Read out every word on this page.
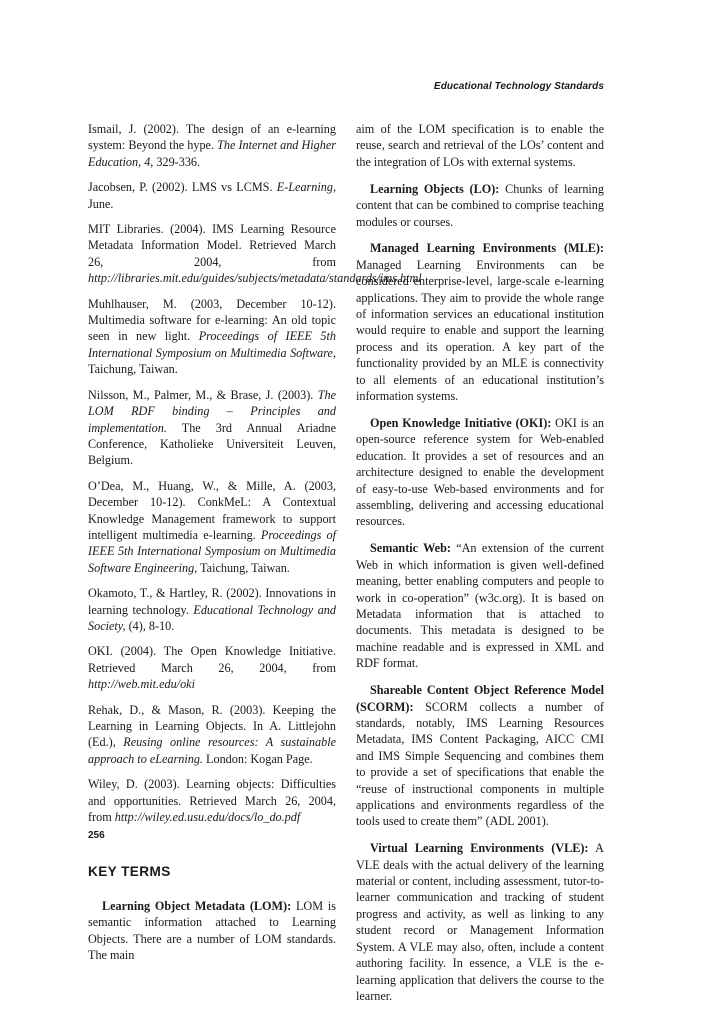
Educational Technology Standards

Ismail, J. (2002). The design of an e-learning system: Beyond the hype. The Internet and Higher Education, 4, 329-336.

Jacobsen, P. (2002). LMS vs LCMS. E-Learning, June.

MIT Libraries. (2004). IMS Learning Resource Metadata Information Model. Retrieved March 26, 2004, from http://libraries.mit.edu/guides/subjects/metadata/standards/ims.html

Muhlhauser, M. (2003, December 10-12). Multimedia software for e-learning: An old topic seen in new light. Proceedings of IEEE 5th International Symposium on Multimedia Software, Taichung, Taiwan.

Nilsson, M., Palmer, M., & Brase, J. (2003). The LOM RDF binding – Principles and implementation. The 3rd Annual Ariadne Conference, Katholieke Universiteit Leuven, Belgium.

O’Dea, M., Huang, W., & Mille, A. (2003, December 10-12). ConkMeL: A Contextual Knowledge Management framework to support intelligent multimedia e-learning. Proceedings of IEEE 5th International Symposium on Multimedia Software Engineering, Taichung, Taiwan.

Okamoto, T., & Hartley, R. (2002). Innovations in learning technology. Educational Technology and Society, (4), 8-10.

OKI. (2004). The Open Knowledge Initiative. Retrieved March 26, 2004, from http://web.mit.edu/oki

Rehak, D., & Mason, R. (2003). Keeping the Learning in Learning Objects. In A. Littlejohn (Ed.), Reusing online resources: A sustainable approach to eLearning. London: Kogan Page.

Wiley, D. (2003). Learning objects: Difficulties and opportunities. Retrieved March 26, 2004, from http://wiley.ed.usu.edu/docs/lo_do.pdf

KEY TERMS

Learning Object Metadata (LOM): LOM is semantic information attached to Learning Objects. There are a number of LOM standards. The main

aim of the LOM specification is to enable the reuse, search and retrieval of the LOs’ content and the integration of LOs with external systems.

Learning Objects (LO): Chunks of learning content that can be combined to comprise teaching modules or courses.

Managed Learning Environments (MLE): Managed Learning Environments can be considered enterprise-level, large-scale e-learning applications. They aim to provide the whole range of information services an educational institution would require to enable and support the learning process and its operation. A key part of the functionality provided by an MLE is connectivity to all elements of an educational institution’s information systems.

Open Knowledge Initiative (OKI): OKI is an open-source reference system for Web-enabled education. It provides a set of resources and an architecture designed to enable the development of easy-to-use Web-based environments and for assembling, delivering and accessing educational resources.

Semantic Web: “An extension of the current Web in which information is given well-defined meaning, better enabling computers and people to work in co-operation” (w3c.org). It is based on Metadata information that is attached to documents. This metadata is designed to be machine readable and is expressed in XML and RDF format.

Shareable Content Object Reference Model (SCORM): SCORM collects a number of standards, notably, IMS Learning Resources Metadata, IMS Content Packaging, AICC CMI and IMS Simple Sequencing and combines them to provide a set of specifications that enable the “reuse of instructional components in multiple applications and environments regardless of the tools used to create them” (ADL 2001).

Virtual Learning Environments (VLE): A VLE deals with the actual delivery of the learning material or content, including assessment, tutor-to-learner communication and tracking of student progress and activity, as well as linking to any student record or Management Information System. A VLE may also, often, include a content authoring facility. In essence, a VLE is the e-learning application that delivers the course to the learner.

256
